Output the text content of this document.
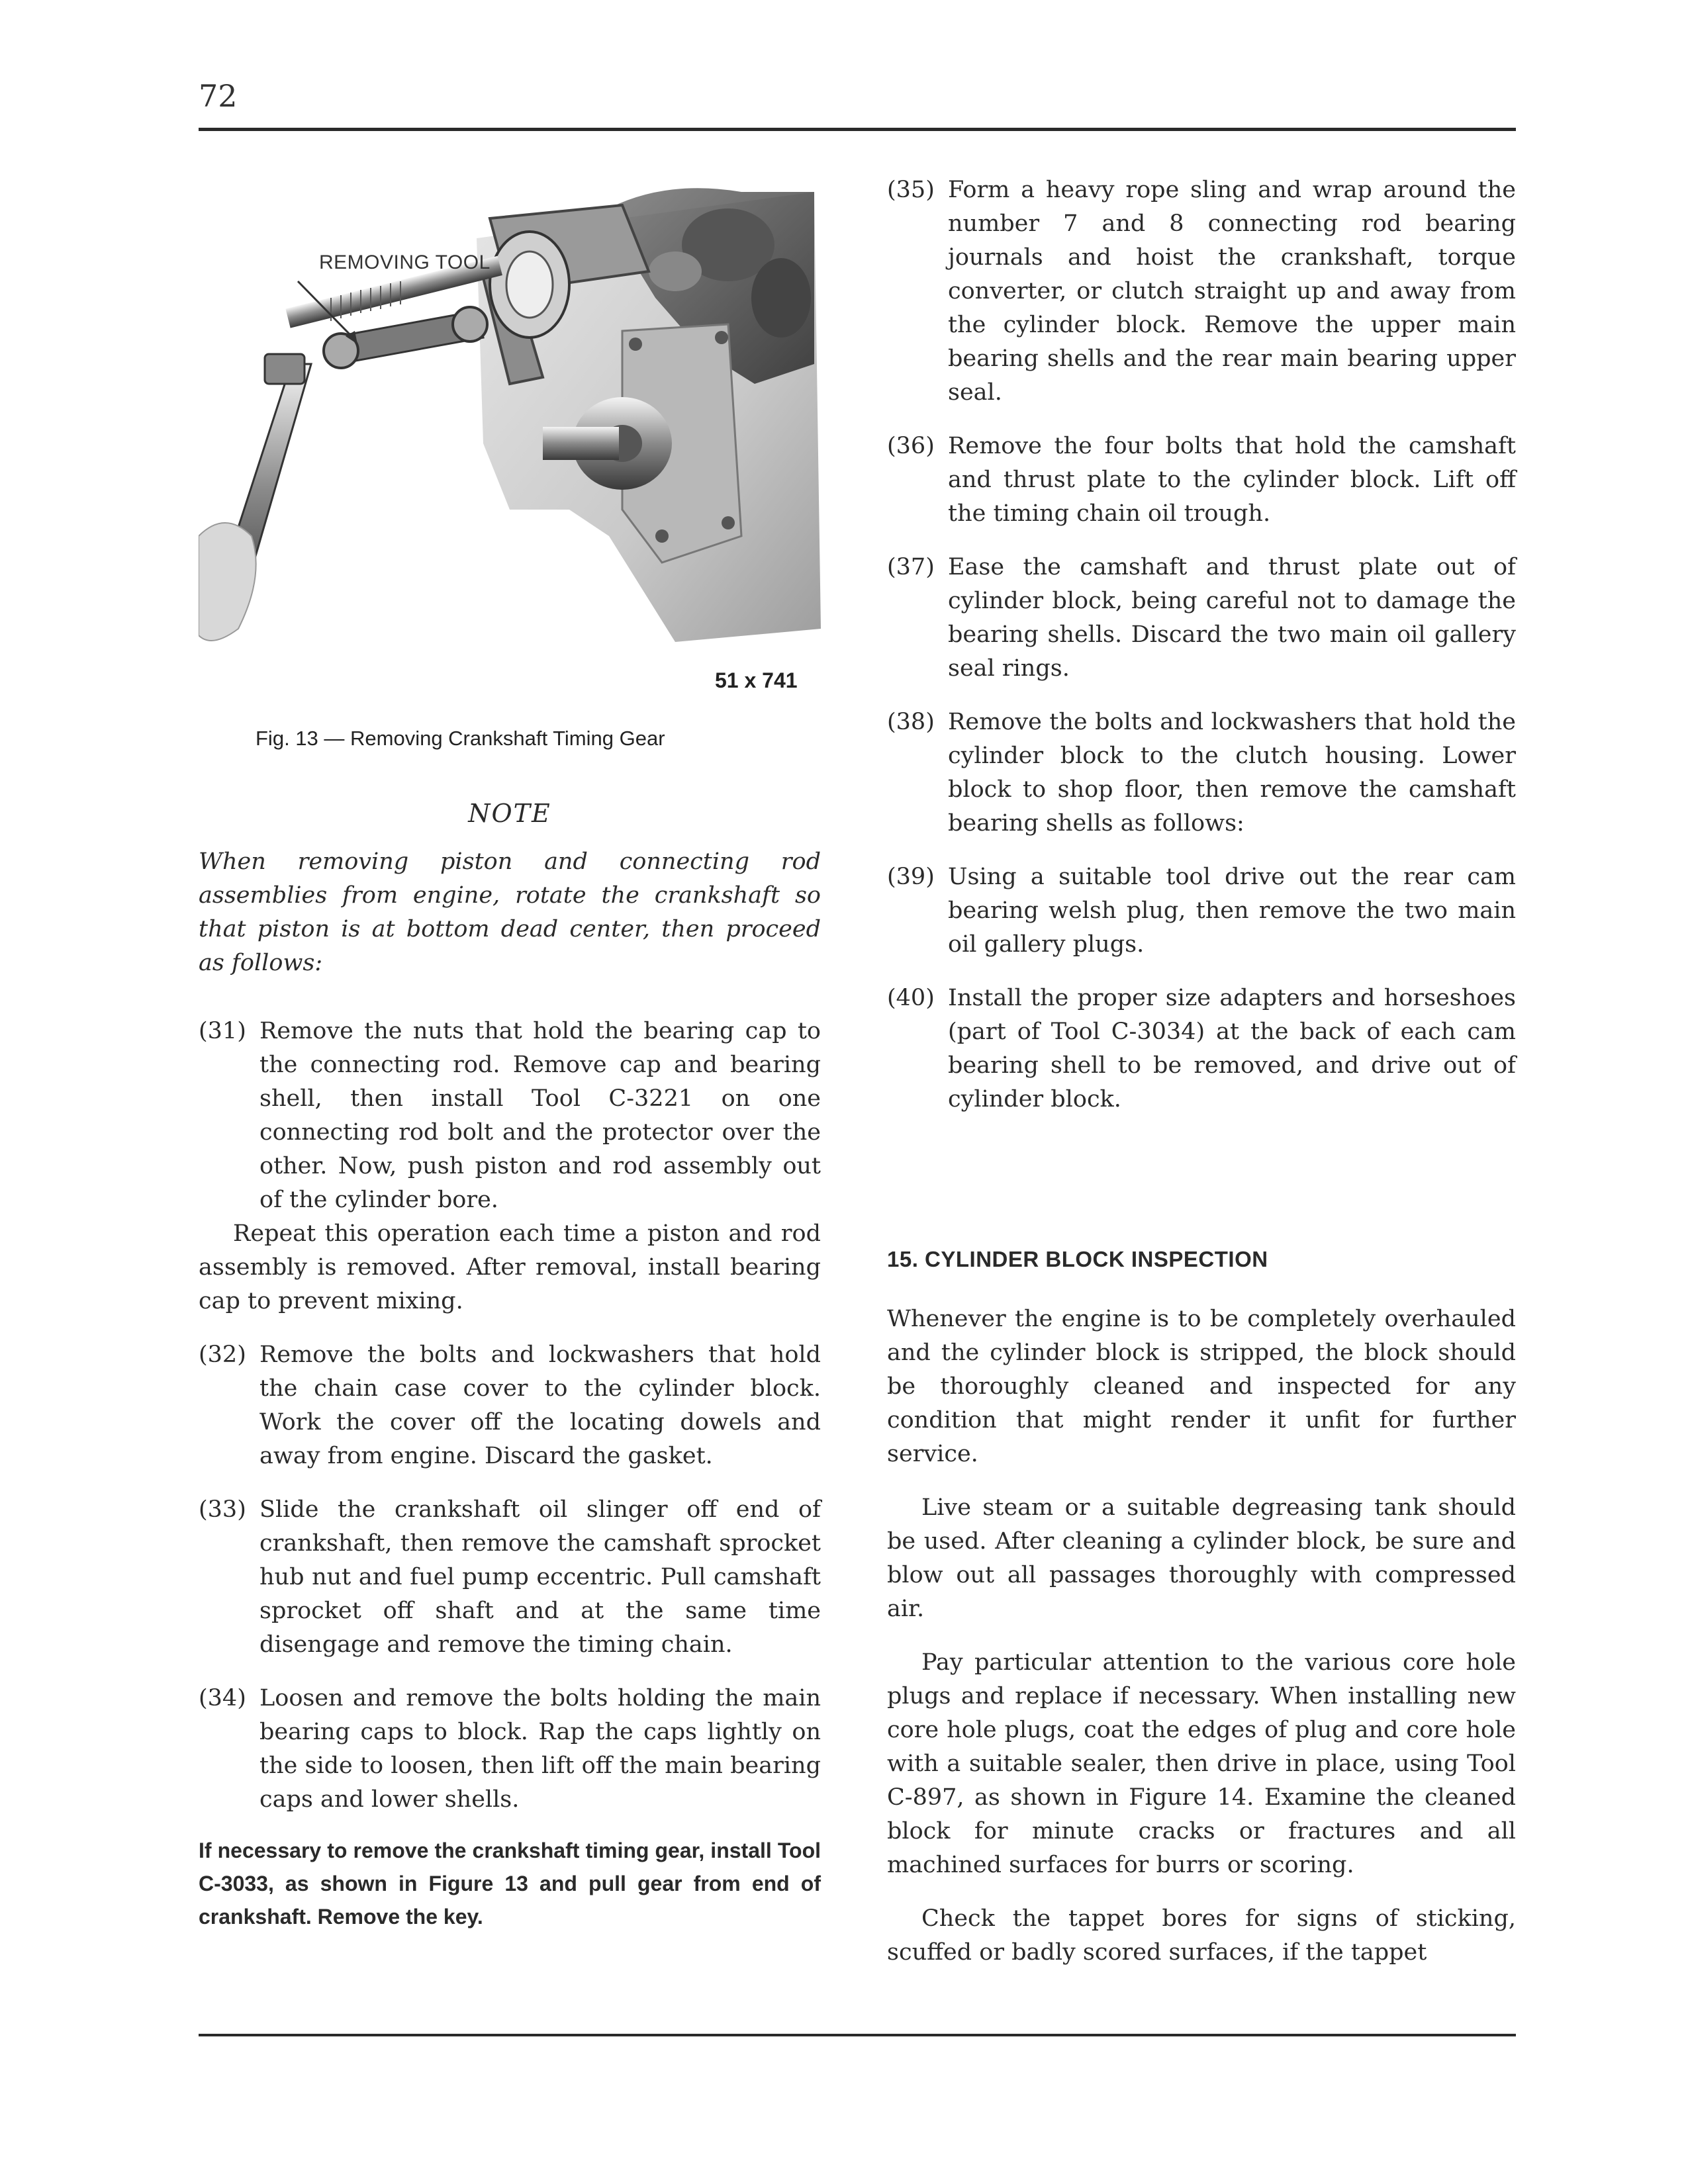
72
REMOVING TOOL
51 x 741
Fig. 13 — Removing Crankshaft Timing Gear

NOTE

When removing piston and connecting rod assemblies from engine, rotate the crankshaft so that piston is at bottom dead center, then proceed as follows:

(31) Remove the nuts that hold the bearing cap to the connecting rod. Remove cap and bearing shell, then install Tool C-3221 on one connecting rod bolt and the protector over the other. Now, push piston and rod assembly out of the cylinder bore.

Repeat this operation each time a piston and rod assembly is removed. After removal, install bearing cap to prevent mixing.

(32) Remove the bolts and lockwashers that hold the chain case cover to the cylinder block. Work the cover off the locating dowels and away from engine. Discard the gasket.
(33) Slide the crankshaft oil slinger off end of crankshaft, then remove the camshaft sprocket hub nut and fuel pump eccentric. Pull camshaft sprocket off shaft and at the same time disengage and remove the timing chain.
(34) Loosen and remove the bolts holding the main bearing caps to block. Rap the caps lightly on the side to loosen, then lift off the main bearing caps and lower shells.

If necessary to remove the crankshaft timing gear, install Tool C-3033, as shown in Figure 13 and pull gear from end of crankshaft. Remove the key.

(35) Form a heavy rope sling and wrap around the number 7 and 8 connecting rod bearing journals and hoist the crankshaft, torque converter, or clutch straight up and away from the cylinder block. Remove the upper main bearing shells and the rear main bearing upper seal.
(36) Remove the four bolts that hold the camshaft and thrust plate to the cylinder block. Lift off the timing chain oil trough.
(37) Ease the camshaft and thrust plate out of cylinder block, being careful not to damage the bearing shells. Discard the two main oil gallery seal rings.
(38) Remove the bolts and lockwashers that hold the cylinder block to the clutch housing. Lower block to shop floor, then remove the camshaft bearing shells as follows:
(39) Using a suitable tool drive out the rear cam bearing welsh plug, then remove the two main oil gallery plugs.
(40) Install the proper size adapters and horseshoes (part of Tool C-3034) at the back of each cam bearing shell to be removed, and drive out of cylinder block.

15. CYLINDER BLOCK INSPECTION

Whenever the engine is to be completely overhauled and the cylinder block is stripped, the block should be thoroughly cleaned and inspected for any condition that might render it unfit for further service.

Live steam or a suitable degreasing tank should be used. After cleaning a cylinder block, be sure and blow out all passages thoroughly with compressed air.

Pay particular attention to the various core hole plugs and replace if necessary. When installing new core hole plugs, coat the edges of plug and core hole with a suitable sealer, then drive in place, using Tool C-897, as shown in Figure 14. Examine the cleaned block for minute cracks or fractures and all machined surfaces for burrs or scoring.

Check the tappet bores for signs of sticking, scuffed or badly scored surfaces, if the tappet
